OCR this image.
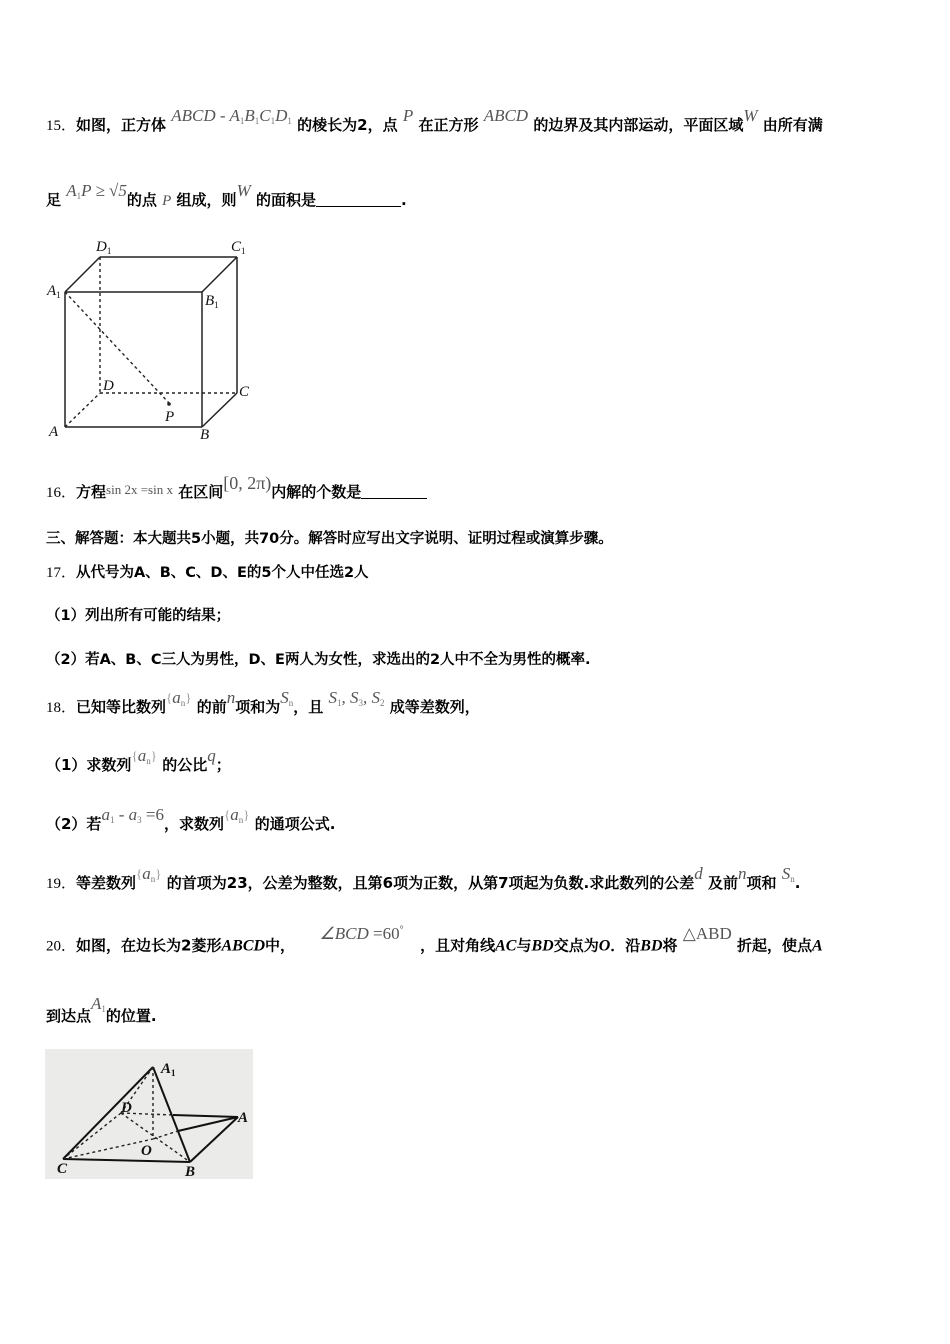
15．如图，正方体 ABCD - $A_1B_1C_1D_1$ 的棱长为2，点 P 在正方形 ABCD 的边界及其内部运动，平面区域W 由所有满
足 $A_1P \ge √5$的点 P 组成，则W 的面积是	.
$D_1$	$C_1$
$A_1$	$B_1$
D	C
P
A	B
16．方程sin 2x =sin x 在区间[0, 2π)内解的个数是
三、解答题：本大题共5小题，共70分。解答时应写出文字说明、证明过程或演算步骤。
17．从代号为A、B、C、D、E的5个人中任选2人
（1）列出所有可能的结果；
（2）若A、B、C三人为男性，D、E两人为女性，求选出的2人中不全为男性的概率.
18．已知等比数列$\{a_n\}$ 的前n项和为$S_n$，且 $S_1$, $S_3$, $S_2$ 成等差数列，
（1）求数列$\{a_n\}$ 的公比q；
（2）若$a_1 - a_3 =6$，求数列$\{a_n\}$ 的通项公式.
19．等差数列$\{a_n\}$ 的首项为23，公差为整数，且第6项为正数，从第7项起为负数.求此数列的公差d 及前n项和 $S_n$.
20．如图，在边长为2菱形ABCD中，  ∠BCD =60°  ，且对角线AC与BD交点为O．沿BD将 △ABD 折起，使点A
到达点$A_1$的位置.
$A_1$
D
A
O
C	B
